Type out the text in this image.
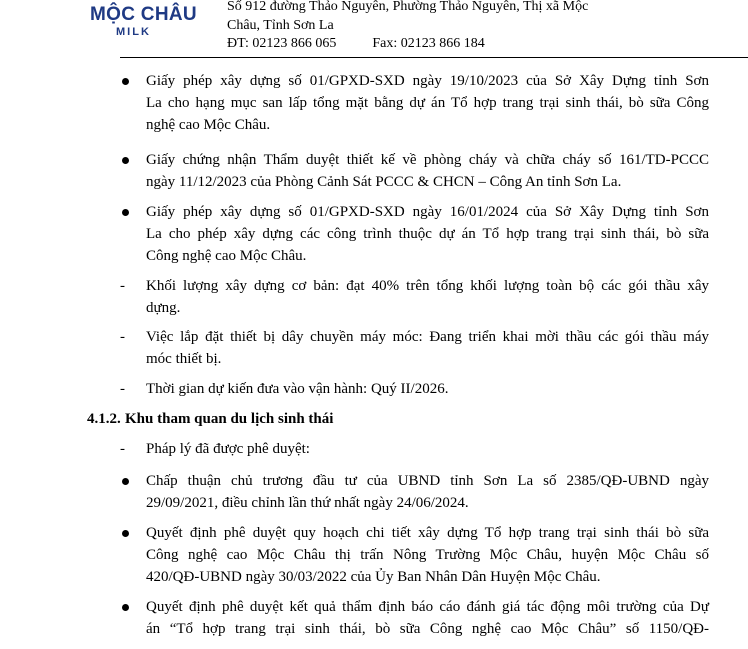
MỘC CHÂU
MILK
Số 912 đường Thảo Nguyên, Phường Thảo Nguyên, Thị xã Mộc
Châu, Tỉnh Sơn La
ĐT: 02123 866 065	Fax: 02123 866 184
Giấy phép xây dựng số 01/GPXD-SXD ngày 19/10/2023 của Sở Xây Dựng tỉnh Sơn
La cho hạng mục san lấp tổng mặt bằng dự án Tổ hợp trang trại sinh thái, bò sữa Công
nghệ cao Mộc Châu.
Giấy chứng nhận Thẩm duyệt thiết kế về phòng cháy và chữa cháy số 161/TD-PCCC
ngày 11/12/2023 của Phòng Cảnh Sát PCCC & CHCN – Công An tỉnh Sơn La.
Giấy phép xây dựng số 01/GPXD-SXD ngày 16/01/2024 của Sở Xây Dựng tỉnh Sơn
La cho phép xây dựng các công trình thuộc dự án Tổ hợp trang trại sinh thái, bò sữa
Công nghệ cao Mộc Châu.
- Khối lượng xây dựng cơ bản: đạt 40% trên tổng khối lượng toàn bộ các gói thầu xây
dựng.
- Việc lắp đặt thiết bị dây chuyền máy móc: Đang triển khai mời thầu các gói thầu máy
móc thiết bị.
- Thời gian dự kiến đưa vào vận hành: Quý II/2026.
4.1.2. Khu tham quan du lịch sinh thái
- Pháp lý đã được phê duyệt:
Chấp thuận chủ trương đầu tư của UBND tỉnh Sơn La số 2385/QĐ-UBND ngày
29/09/2021, điều chỉnh lần thứ nhất ngày 24/06/2024.
Quyết định phê duyệt quy hoạch chi tiết xây dựng Tổ hợp trang trại sinh thái bò sữa
Công nghệ cao Mộc Châu thị trấn Nông Trường Mộc Châu, huyện Mộc Châu số
420/QĐ-UBND ngày 30/03/2022 của Ủy Ban Nhân Dân Huyện Mộc Châu.
Quyết định phê duyệt kết quả thẩm định báo cáo đánh giá tác động môi trường của Dự
án “Tổ hợp trang trại sinh thái, bò sữa Công nghệ cao Mộc Châu” số 1150/QĐ-
